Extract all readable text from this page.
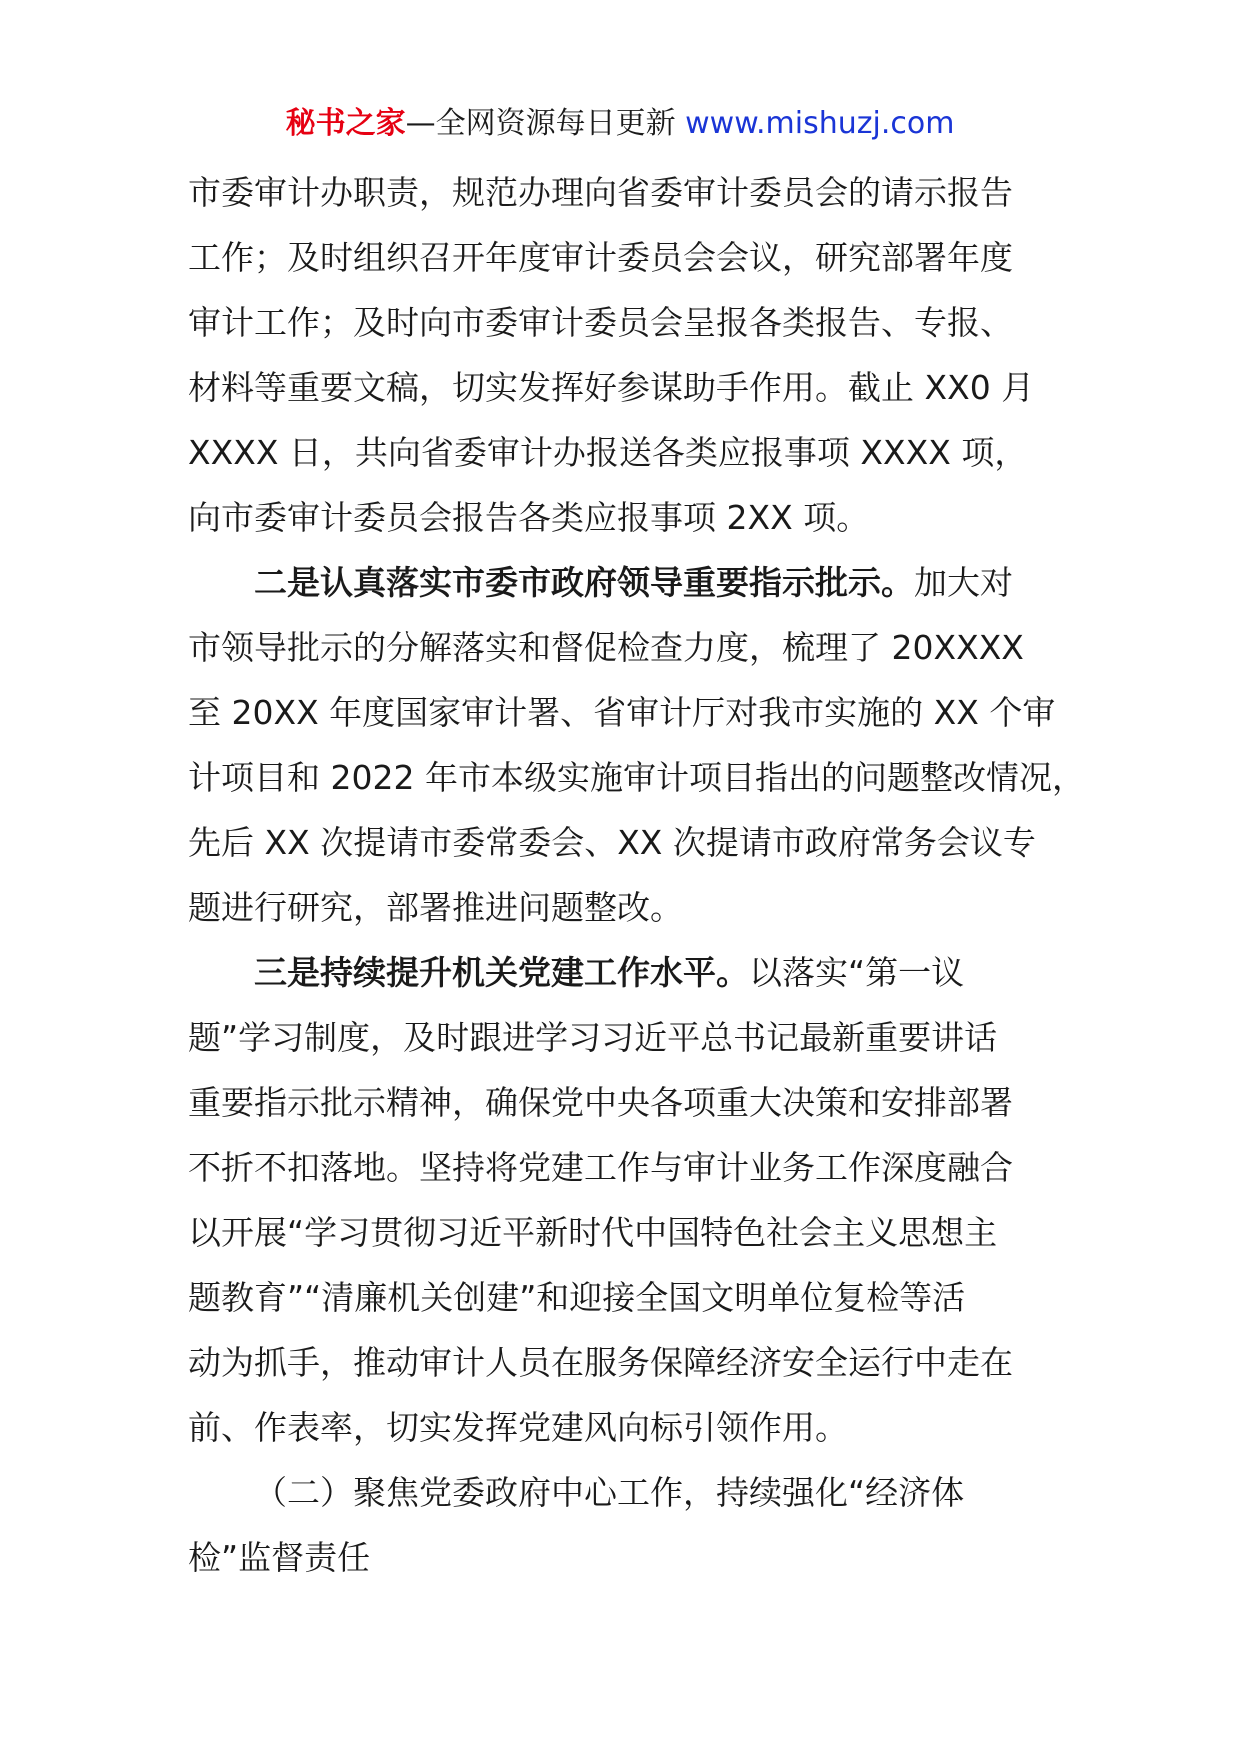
秘书之家—全网资源每日更新 www.mishuzj.com
市委审计办职责，规范办理向省委审计委员会的请示报告
工作；及时组织召开年度审计委员会会议，研究部署年度
审计工作；及时向市委审计委员会呈报各类报告、专报、
材料等重要文稿，切实发挥好参谋助手作用。截止 XX0 月
XXXX 日，共向省委审计办报送各类应报事项 XXXX 项，
向市委审计委员会报告各类应报事项 2XX 项。
二是认真落实市委市政府领导重要指示批示。加大对
市领导批示的分解落实和督促检查力度，梳理了 20XXXX
至 20XX 年度国家审计署、省审计厅对我市实施的 XX 个审
计项目和 2022 年市本级实施审计项目指出的问题整改情况，
先后 XX 次提请市委常委会、XX 次提请市政府常务会议专
题进行研究，部署推进问题整改。
三是持续提升机关党建工作水平。以落实“第一议
题”学习制度，及时跟进学习习近平总书记最新重要讲话
重要指示批示精神，确保党中央各项重大决策和安排部署
不折不扣落地。坚持将党建工作与审计业务工作深度融合
以开展“学习贯彻习近平新时代中国特色社会主义思想主
题教育”“清廉机关创建”和迎接全国文明单位复检等活
动为抓手，推动审计人员在服务保障经济安全运行中走在
前、作表率，切实发挥党建风向标引领作用。
（二）聚焦党委政府中心工作，持续强化“经济体
检”监督责任
